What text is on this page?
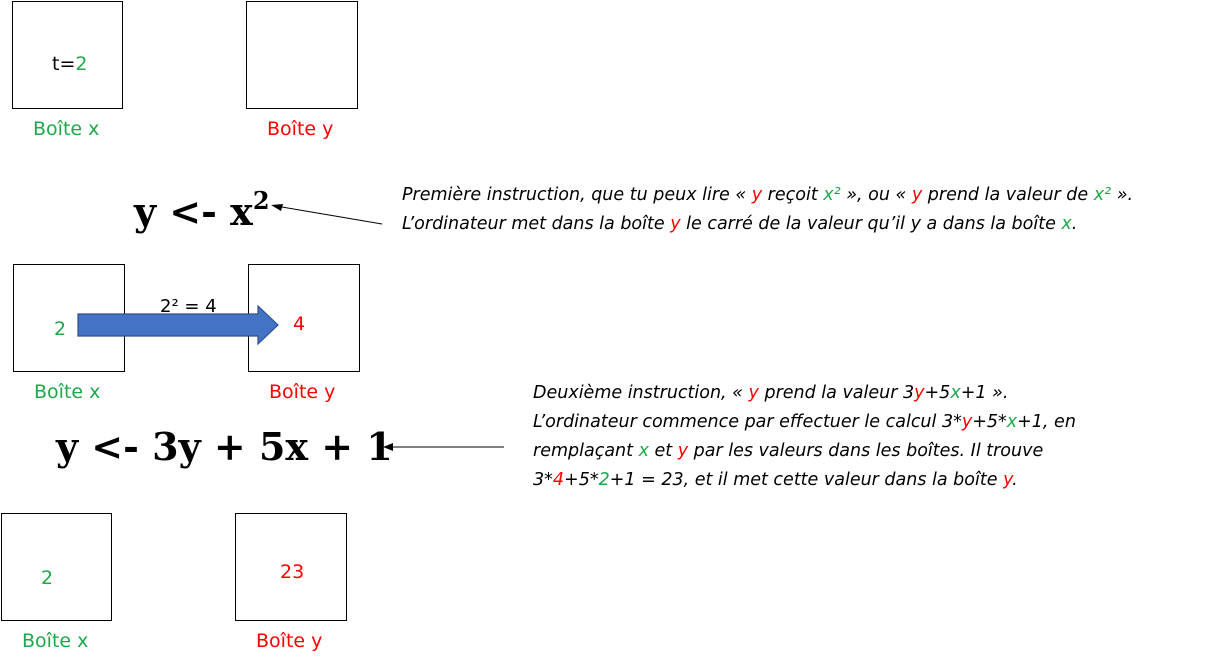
t=2
Boîte x	Boîte y
$y <- x^2$	Première instruction, que tu peux lire « y reçoit x² », ou « y prend la valeur de x² ».
L’ordinateur met dans la boîte y le carré de la valeur qu’il y a dans la boîte x.
2
2² = 4
4
Boîte x	Boîte y
y <- 3y + 5x + 1
Deuxième instruction, « y prend la valeur 3y+5x+1 ».
L’ordinateur commence par effectuer le calcul 3*y+5*x+1, en
remplaçant x et y par les valeurs dans les boîtes. Il trouve
3*4+5*2+1 = 23, et il met cette valeur dans la boîte y.
2
Boîte x
23
Boîte y
